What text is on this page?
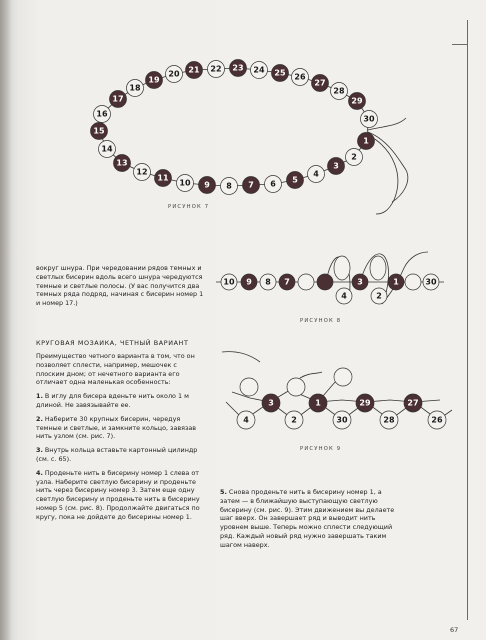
1
2
3
4
5
6
7
8
9
10
11
12
13
14
15
16
17
18
19
20 21 22 23 24 25 26
27
28
29
30
10 9 8 7
4
3
2
1	30
3	1	29	27
4	2	30	28	26
РИСУНОК 7
РИСУНОК 8
РИСУНОК 9
вокруг шнура. При чередовании рядов темных и светлых бисерин вдоль всего шнура чередуются темные и светлые полосы. (У вас получится два темных ряда подряд, начиная с бисерин номер 1 и номер 17.)
КРУГОВАЯ МОЗАИКА, ЧЕТНЫЙ ВАРИАНТ

Преимущество четного варианта в том, что он позволяет сплести, например, мешочек с плоским дном; от нечетного варианта его отличает одна маленькая особенность:

1. В иглу для бисера вденьте нить около 1 м длиной. Не завязывайте ее.

2. Наберите 30 крупных бисерин, чередуя темные и светлые, и замкните кольцо, завязав нить узлом (см. рис. 7).

3. Внутрь кольца вставьте картонный цилиндр (см. с. 65).

4. Проденьте нить в бисерину номер 1 слева от узла. Наберите светлую бисерину и проденьте нить через бисерину номер 3. Затем еще одну светлую бисерину и проденьте нить в бисерину номер 5 (см. рис. 8). Продолжайте двигаться по кругу, пока не дойдете до бисерины номер 1.

5. Снова проденьте нить в бисерину номер 1, а затем — в ближайшую выступающую светлую бисерину (см. рис. 9). Этим движением вы делаете шаг вверх. Он завершает ряд и выводит нить уровнем выше. Теперь можно сплести следующий ряд. Каждый новый ряд нужно завершать таким шагом наверх.

67
